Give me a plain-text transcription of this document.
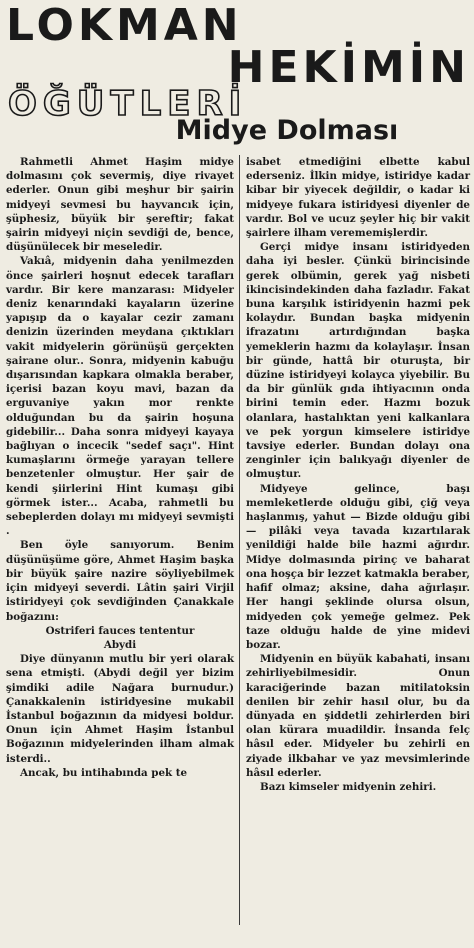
LOKMAN
HEKİMİN
ÖĞÜTLERİ
Midye Dolması

Rahmetli Ahmet Haşim midye dolmasını çok severmiş, diye rivayet ederler. Onun gibi meşhur bir şairin midyeyi sevmesi bu hayvancık için, şüphesiz, büyük bir şereftir; fakat şairin midyeyi niçin sevdiği de, bence, düşünülecek bir meseledir.

Vakıâ, midyenin daha yenilmezden önce şairleri hoşnut edecek tarafları vardır. Bir kere manzarası: Midyeler deniz kenarındaki kayaların üzerine yapışıp da o kayalar cezir zamanı denizin üzerinden meydana çıktıkları vakit midyelerin görünüşü gerçekten şairane olur.. Sonra, midyenin kabuğu dışarısından kapkara olmakla beraber, içerisi bazan koyu mavi, bazan da erguvaniye yakın mor renkte olduğundan bu da şairin hoşuna gidebilir... Daha sonra midyeyi kayaya bağlıyan o incecik "sedef saçı". Hint kumaşlarını örmeğe yarayan tellere benzetenler olmuştur. Her şair de kendi şiirlerini Hint kumaşı gibi görmek ister... Acaba, rahmetli bu sebeplerden dolayı mı midyeyi sevmişti .

Ben öyle sanıyorum. Benim düşünüşüme göre, Ahmet Haşim başka bir büyük şaire nazire söyliyebilmek için midyeyi severdi. Lâtin şairi Virjil istiridyeyi çok sevdiğinden Çanakkale boğazını:

Ostriferi fauces tententur

Abydi

Diye dünyanın mutlu bir yeri olarak sena etmişti. (Abydi değil yer bizim şimdiki adile Nağara burnudur.) Çanakkalenin istiridyesine mukabil İstanbul boğazının da midyesi boldur. Onun için Ahmet Haşim İstanbul Boğazının midyelerinden ilham almak isterdi..

Ancak, bu intihabında pek te

isabet etmediğini elbette kabul ederseniz. İlkin midye, istiridye kadar kibar bir yiyecek değildir, o kadar ki midyeye fukara istiridyesi diyenler de vardır. Bol ve ucuz şeyler hiç bir vakit şairlere ilham verememişlerdir.

Gerçi midye insanı istiridyeden daha iyi besler. Çünkü birincisinde gerek olbümin, gerek yağ nisbeti ikincisindekinden daha fazladır. Fakat buna karşılık istiridyenin hazmi pek kolaydır. Bundan başka midyenin ifrazatını artırdığından başka yemeklerin hazmı da kolaylaşır. İnsan bir günde, hattâ bir oturuşta, bir düzine istiridyeyi kolayca yiyebilir. Bu da bir günlük gıda ihtiyacının onda birini temin eder. Hazmı bozuk olanlara, hastalıktan yeni kalkanlara ve pek yorgun kimselere istiridye tavsiye ederler. Bundan dolayı ona zenginler için balıkyağı diyenler de olmuştur.

Midyeye gelince, başı memleketlerde olduğu gibi, çiğ veya haşlanmış, yahut — Bizde olduğu gibi— pilâki veya tavada kızartılarak yenildiği halde bile hazmi ağırdır. Midye dolmasında pirinç ve baharat ona hoşça bir lezzet katmakla beraber, hafif olmaz; aksine, daha ağırlaşır. Her hangi şeklinde olursa olsun, midyeden çok yemeğe gelmez. Pek taze olduğu halde de yine midevi bozar.

Midyenin en büyük kabahati, insanı zehirliyebilmesidir. Onun karaciğerinde bazan mitilatoksin denilen bir zehir hasıl olur, bu da dünyada en şiddetli zehirlerden biri olan kürara muadildir. İnsanda felç hâsıl eder. Midyeler bu zehirli en ziyade ilkbahar ve yaz mevsimlerinde hâsıl ederler.

Bazı kimseler midyenin zehiri.
